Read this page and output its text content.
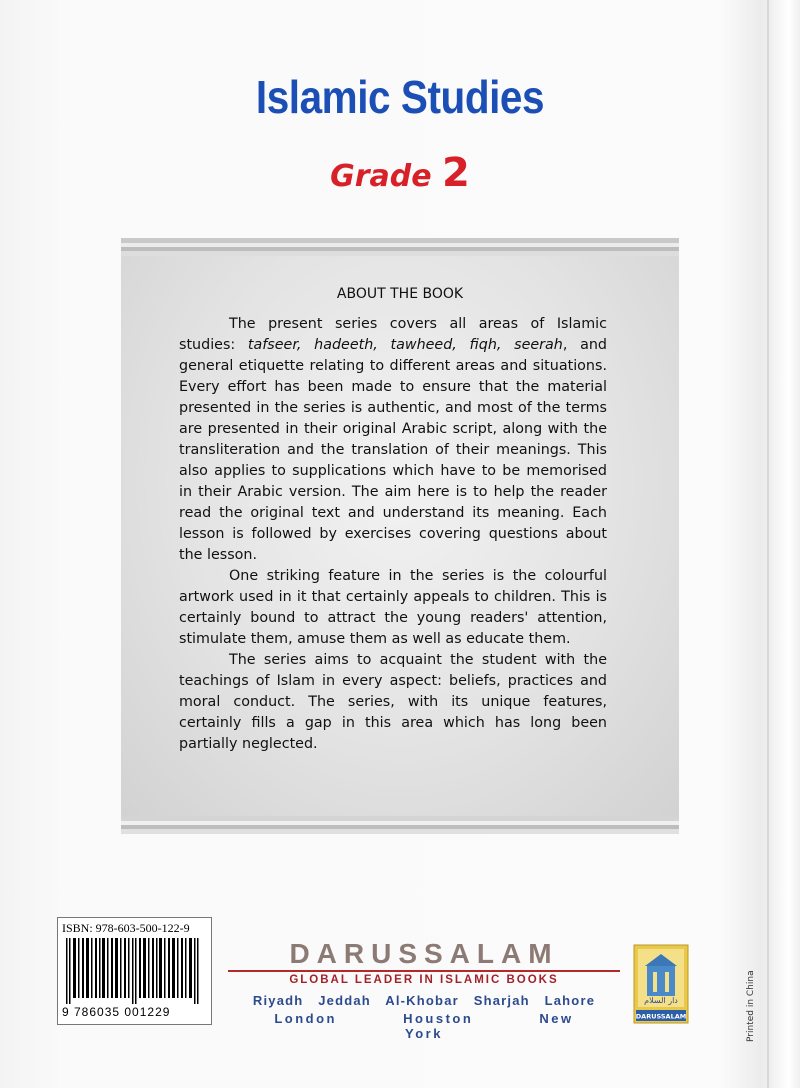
Printed in China
Islamic Studies
Grade 2
ABOUT THE BOOK

The present series covers all areas of Islamic studies: tafseer, hadeeth, tawheed, fiqh, seerah, and general etiquette relating to different areas and situations. Every effort has been made to ensure that the material presented in the series is authentic, and most of the terms are presented in their original Arabic script, along with the transliteration and the translation of their meanings. This also applies to supplications which have to be memorised in their Arabic version. The aim here is to help the reader read the original text and understand its meaning. Each lesson is followed by exercises covering questions about the lesson.

One striking feature in the series is the colourful artwork used in it that certainly appeals to children. This is certainly bound to attract the young readers' attention, stimulate them, amuse them as well as educate them.

The series aims to acquaint the student with the teachings of Islam in every aspect: beliefs, practices and moral conduct. The series, with its unique features, certainly fills a gap in this area which has long been partially neglected.

ISBN: 978-603-500-122-9
9 786035 001229
DARUSSALAM
GLOBAL LEADER IN ISLAMIC BOOKS
Riyadh Jeddah Al-Khobar Sharjah Lahore
London Houston New York
دار السلام
DARUSSALAM
